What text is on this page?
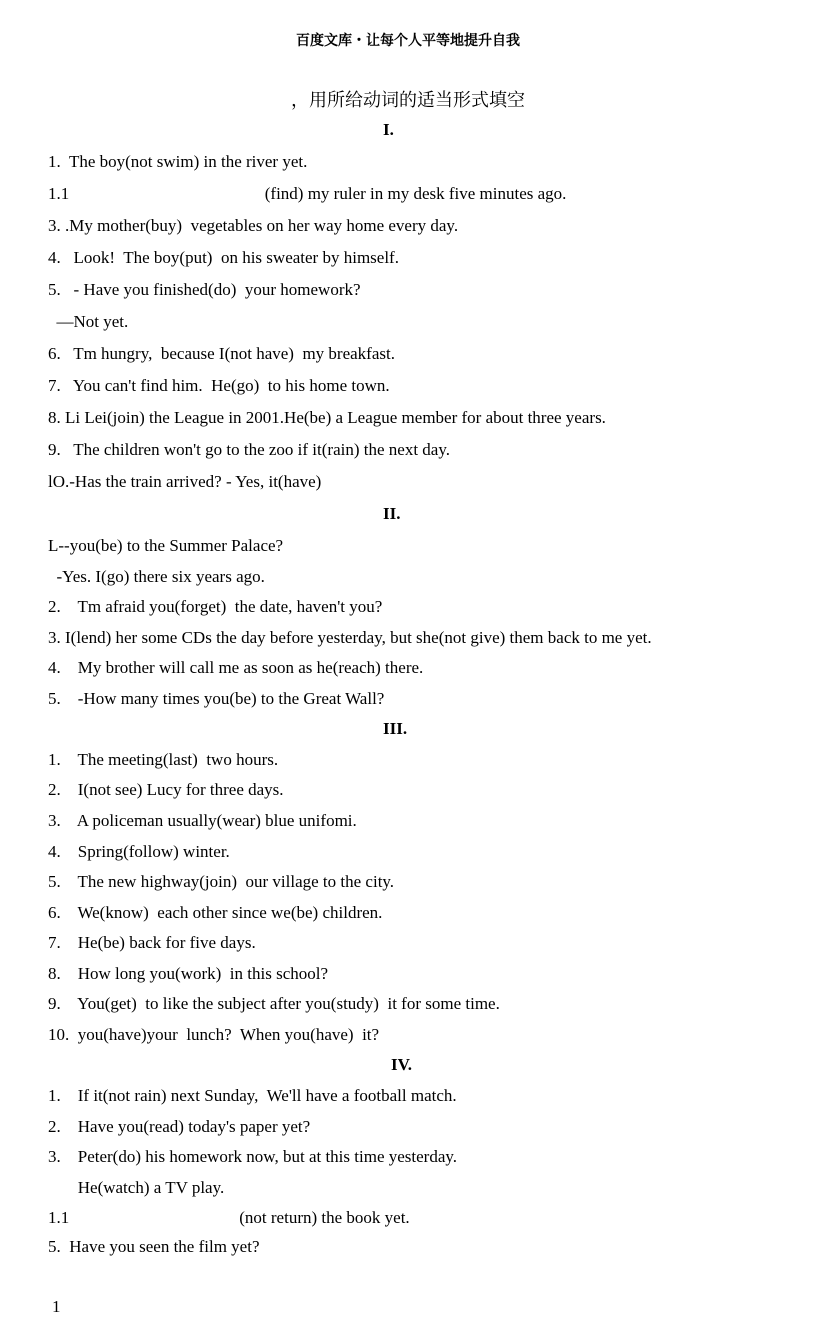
百度文库・让每个人平等地提升自我
，用所给动词的适当形式填空
I.
1.  The boy(not swim) in the river yet.
1.1                                              (find) my ruler in my desk five minutes ago.
3. .My mother(buy)  vegetables on her way home every day.
4.   Look!  The boy(put)  on his sweater by himself.
5.   - Have you finished(do)  your homework?
—Not yet.
6.   Tm hungry,  because I(not have)  my breakfast.
7.   You can't find him.  He(go)  to his home town.
8. Li Lei(join) the League in 2001.He(be) a League member for about three years.
9.   The children won't go to the zoo if it(rain) the next day.
lO.-Has the train arrived? - Yes, it(have)
II.
L--you(be) to the Summer Palace?
-Yes. I(go) there six years ago.
2.    Tm afraid you(forget)  the date, haven't you?
3. I(lend) her some CDs the day before yesterday, but she(not give) them back to me yet.
4.    My brother will call me as soon as he(reach) there.
5.    -How many times you(be) to the Great Wall?
III.
1.    The meeting(last)  two hours.
2.    I(not see) Lucy for three days.
3.    A policeman usually(wear) blue unifomi.
4.    Spring(follow) winter.
5.    The new highway(join)  our village to the city.
6.    We(know)  each other since we(be) children.
7.    He(be) back for five days.
8.    How long you(work)  in this school?
9.    You(get)  to like the subject after you(study)  it for some time.
10.  you(have)your  lunch?  When you(have)  it?
IV.
1.    If it(not rain) next Sunday,  We'll have a football match.
2.    Have you(read) today's paper yet?
3.    Peter(do) his homework now, but at this time yesterday.
He(watch) a TV play.
1.1                                        (not return) the book yet.
5.  Have you seen the film yet?
1
